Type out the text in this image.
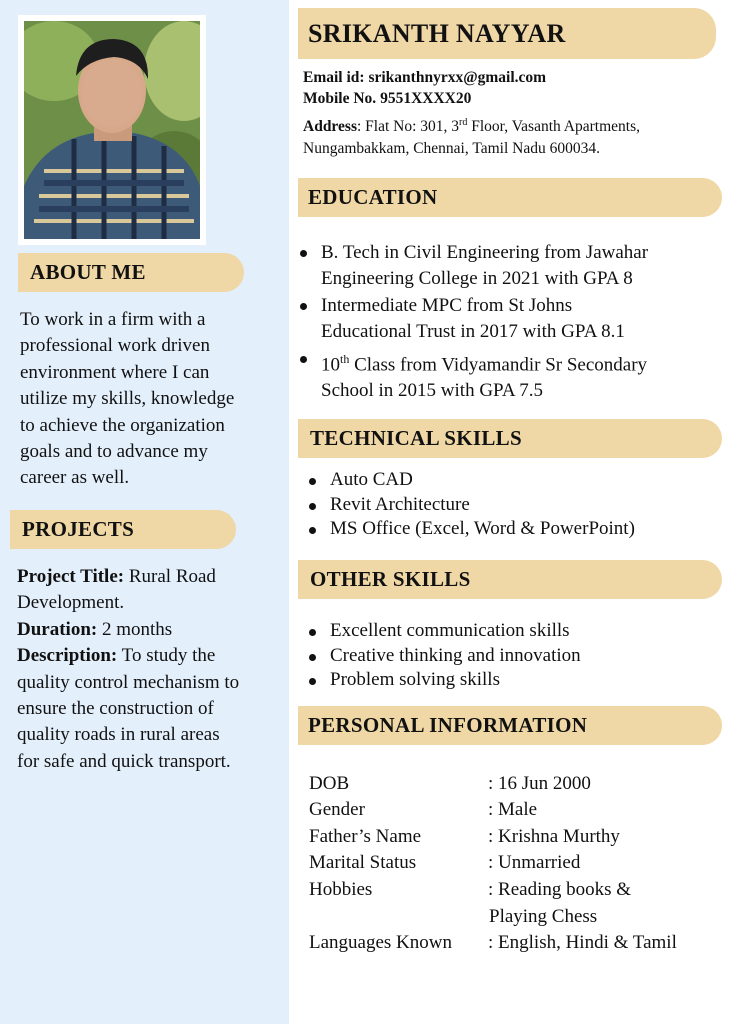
ABOUT ME
To work in a firm with a
professional work driven
environment where I can
utilize my skills, knowledge
to achieve the organization
goals and to advance my
career as well.
PROJECTS
Project Title: Rural Road
Development.
Duration: 2 months
Description: To study the
quality control mechanism to
ensure the construction of
quality roads in rural areas
for safe and quick transport.
SRIKANTH NAYYAR
Email id: srikanthnyrxx@gmail.com
Mobile No. 9551XXXX20
Address: Flat No: 301, 3rd Floor, Vasanth Apartments,
Nungambakkam, Chennai, Tamil Nadu 600034.
EDUCATION
B. Tech in Civil Engineering from Jawahar
Engineering College in 2021 with GPA 8
Intermediate MPC from St Johns
Educational Trust in 2017 with GPA 8.1
10th Class from Vidyamandir Sr Secondary
School in 2015 with GPA 7.5
TECHNICAL SKILLS
Auto CAD
Revit Architecture
MS Office (Excel, Word & PowerPoint)
OTHER SKILLS
Excellent communication skills
Creative thinking and innovation
Problem solving skills
PERSONAL INFORMATION
DOB	: 16 Jun 2000
Gender	: Male
Father’s Name	: Krishna Murthy
Marital Status	: Unmarried
Hobbies	: Reading books &
Playing Chess
Languages Known : English, Hindi & Tamil
